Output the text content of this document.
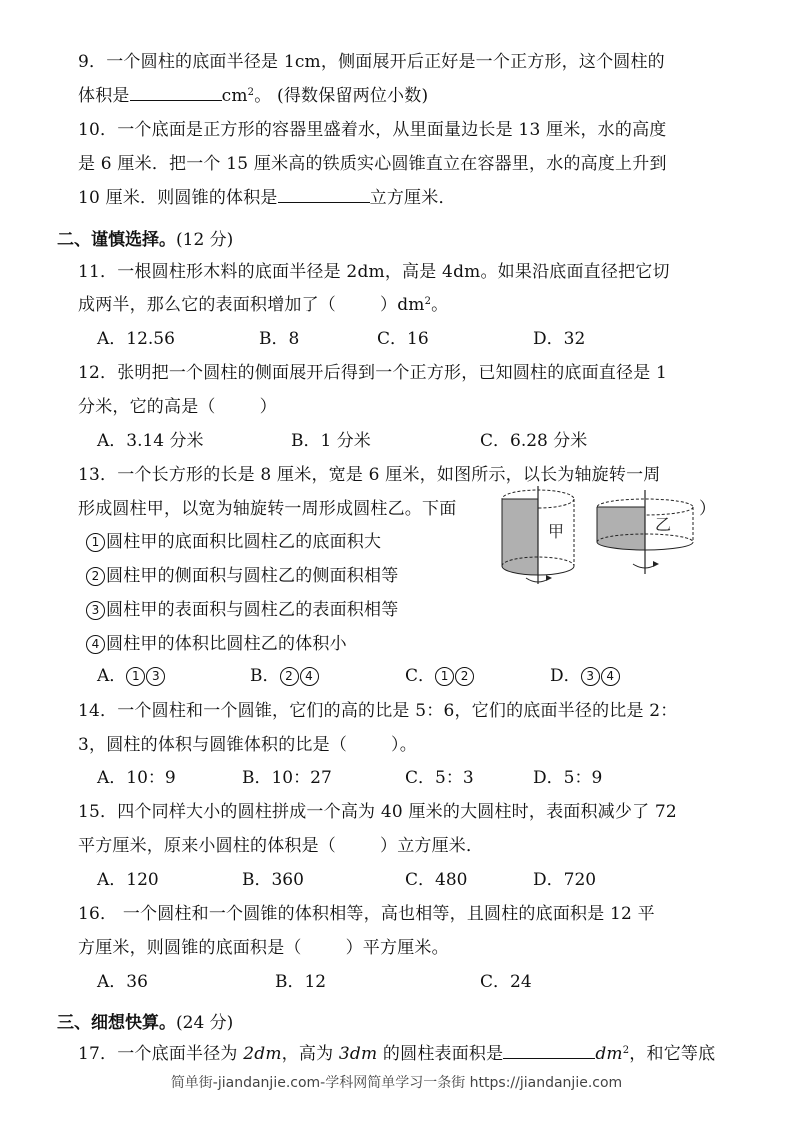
9．一个圆柱的底面半径是 1cm，侧面展开后正好是一个正方形，这个圆柱的
体积是	$cm^2$。 (得数保留两位小数)
10．一个底面是正方形的容器里盛着水，从里面量边长是 13 厘米，水的高度
是 6 厘米．把一个 15 厘米高的铁质实心圆锥直立在容器里，水的高度上升到
10 厘米．则圆锥的体积是	立方厘米．
二、谨慎选择。(12 分)
11．一根圆柱形木料的底面半径是 2dm，高是 4dm。如果沿底面直径把它切
成两半，那么它的表面积增加了（	）$dm^2$。
A．12.56	B．8	C．16	D．32
12．张明把一个圆柱的侧面展开后得到一个正方形，已知圆柱的底面直径是 1
分米，它的高是（	）
A．3.14 分米	B．1 分米	C．6.28 分米
13．一个长方形的长是 8 厘米，宽是 6 厘米，如图所示，以长为轴旋转一周
形成圆柱甲，以宽为轴旋转一周形成圆柱乙。下面	）
1 圆柱甲的底面积比圆柱乙的底面积大
2 圆柱甲的侧面积与圆柱乙的侧面积相等
3 圆柱甲的表面积与圆柱乙的表面积相等
4 圆柱甲的体积比圆柱乙的体积小
A． 1 3	B． 2 4	C． 1 2	D． 3 4
甲	乙
14．一个圆柱和一个圆锥，它们的高的比是 5：6，它们的底面半径的比是 2：
3，圆柱的体积与圆锥体积的比是（	）。
A．10：9	B．10：27	C．5：3	D．5：9
15．四个同样大小的圆柱拼成一个高为 40 厘米的大圆柱时，表面积减少了 72
平方厘米，原来小圆柱的体积是（	）立方厘米．
A．120	B．360	C．480	D．720
16． 一个圆柱和一个圆锥的体积相等，高也相等，且圆柱的底面积是 12 平
方厘米，则圆锥的底面积是（	）平方厘米。
A．36	B．12	C．24
三、细想快算。(24 分)
17．一个底面半径为 2dm，高为 3dm 的圆柱表面积是	$dm^2$，和它等底
简单街-jiandanjie.com-学科网简单学习一条街 https://jiandanjie.com
